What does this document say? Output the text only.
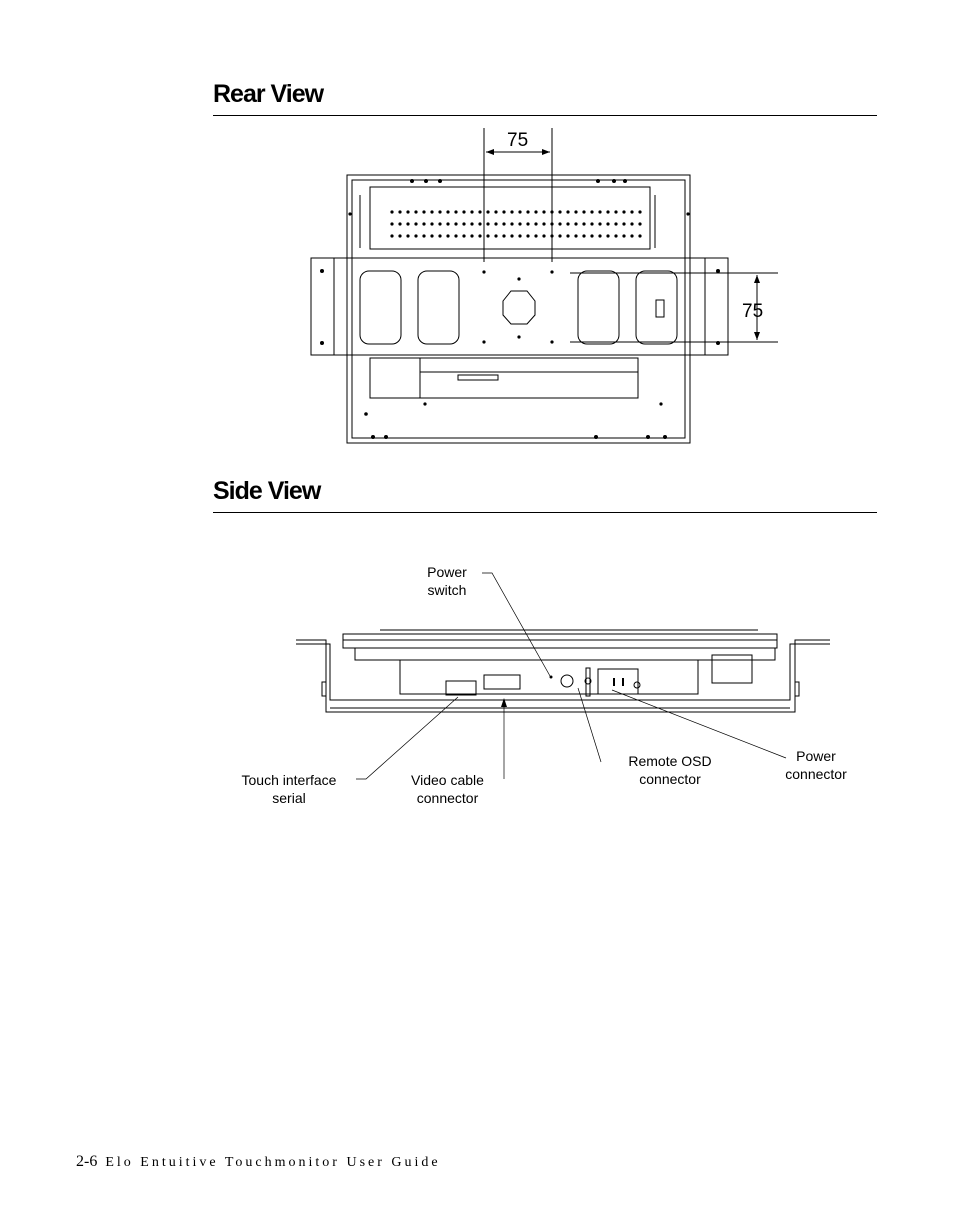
Rear View
75
75
Side View
Power
switch
Touch interface
serial
Video cable
connector
Remote OSD
connector
Power
connector
2-6 Elo Entuitive Touchmonitor User Guide
